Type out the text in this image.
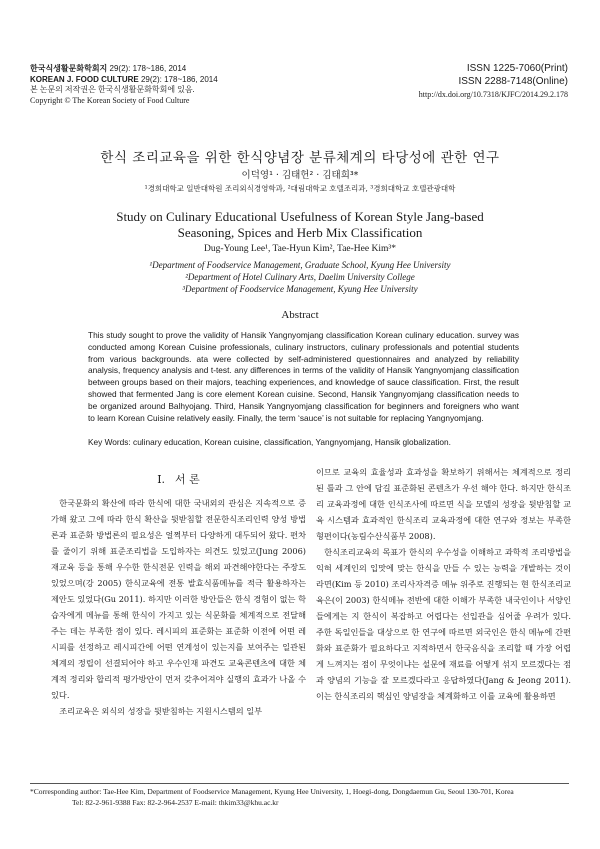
한국식생활문화학회지 29(2): 178~186, 2014
KOREAN J. FOOD CULTURE 29(2): 178~186, 2014
본 논문의 저작권은 한국식생활문화학회에 있음.
Copyright © The Korean Society of Food Culture
ISSN 1225-7060(Print)
ISSN 2288-7148(Online)
http://dx.doi.org/10.7318/KJFC/2014.29.2.178
한식 조리교육을 위한 한식양념장 분류체계의 타당성에 관한 연구
이덕영¹ · 김태헌² · 김태희³*
¹경희대학교 일반대학원 조리외식경영학과, ²대림대학교 호텔조리과, ³경희대학교 호텔관광대학
Study on Culinary Educational Usefulness of Korean Style Jang-based
Seasoning, Spices and Herb Mix Classification
Dug-Young Lee¹, Tae-Hyun Kim², Tae-Hee Kim³*
¹Department of Foodservice Management, Graduate School, Kyung Hee University
²Department of Hotel Culinary Arts, Daelim University College
³Department of Foodservice Management, Kyung Hee University
Abstract
This study sought to prove the validity of Hansik Yangnyomjang classification Korean culinary education. survey was conducted among Korean Cuisine professionals, culinary instructors, culinary professionals and potential students from various backgrounds. ata were collected by self-administered questionnaires and analyzed by reliability analysis, frequency analysis and t-test. any differences in terms of the validity of Hansik Yangnyomjang classification between groups based on their majors, teaching experiences, and knowledge of sauce classification. First, the result showed that fermented Jang is core element Korean cuisine. Second, Hansik Yangnyomjang classification needs to be organized around Balhyojang. Third, Hansik Yangnyomjang classification for beginners and foreigners who want to learn Korean Cuisine relatively easily. Finally, the term ‘sauce’ is not suitable for replacing Yangnyomjang.
Key Words: culinary education, Korean cuisine, classification, Yangnyomjang, Hansik globalization.
I. 서 론

한국문화의 확산에 따라 한식에 대한 국내외의 관심은 지속적으로 증가해 왔고 그에 따라 한식 확산을 뒷받침할 전문한식조리인력 양성 방법론과 표준화 방법론의 필요성은 얼쩍부터 다양하게 대두되어 왔다. 편차를 줄이기 위해 표준조리법을 도입하자는 의견도 있었고(Jung 2006) 재교육 등을 통해 우수한 한식전문 인력을 해외 파견해야한다는 주장도 있었으며(강 2005) 한식교육에 전통 발효식품메뉴를 적극 활용하자는 제안도 있었다(Gu 2011). 하지만 이러한 방안들은 한식 경험이 없는 학습자에게 메뉴를 통해 한식이 가지고 있는 식문화를 체계적으로 전달해 주는 데는 부족한 점이 있다. 레시피의 표준화는 표준화 이전에 어떤 레시피를 선정하고 레시피간에 어떤 연계성이 있는지를 보여주는 일관된 체계의 정립이 선결되어야 하고 우수인재 파견도 교육콘텐츠에 대한 체계적 정리와 합리적 평가방안이 먼저 갖추어져야 실행의 효과가 나올 수 있다.

조리교육은 외식의 성장을 뒷받침하는 지원시스템의 일부

이므로 교육의 효율성과 효과성을 확보하기 위해서는 체계적으로 정리된 틀과 그 안에 담길 표준화된 콘텐츠가 우선 해야 한다. 하지만 한식조리 교육과정에 대한 인식조사에 따르면 식을 모델의 성장을 뒷받침할 교육 시스템과 효과적인 한식조리 교육과정에 대한 연구와 정보는 부족한 형편이다(농림수산식품부 2008).

한식조리교육의 목표가 한식의 우수성을 이해하고 과학적 조리방법을 익혀 세계인의 입맛에 맞는 한식을 만들 수 있는 능력을 개발하는 것이라면(Kim 등 2010) 조리사자격증 메뉴 위주로 진행되는 현 한식조리교육은(이 2003) 한식메뉴 전반에 대한 이해가 부족한 내국인이나 서양인들에게는 지 한식이 복잡하고 어렵다는 선입관을 심어줄 우려가 있다. 주한 독일인들을 대상으로 한 연구에 따르면 외국인은 한식 메뉴에 간편화와 표준화가 필요하다고 지적하면서 한국음식을 조리할 때 가장 어렵게 느껴지는 점이 무엇이냐는 설문에 재료를 어떻게 섞지 모르겠다는 점과 양념의 기능을 잘 모르겠다라고 응답하였다(Jang & Jeong 2011). 이는 한식조리의 핵심인 양념장을 체계화하고 이를 교육에 활용하면

*Corresponding author: Tae-Hee Kim, Department of Foodservice Management, Kyung Hee University, 1, Hoegi-dong, Dongdaemun Gu, Seoul 130-701, Korea
Tel: 82-2-961-9388 Fax: 82-2-964-2537 E-mail: thkim33@khu.ac.kr
